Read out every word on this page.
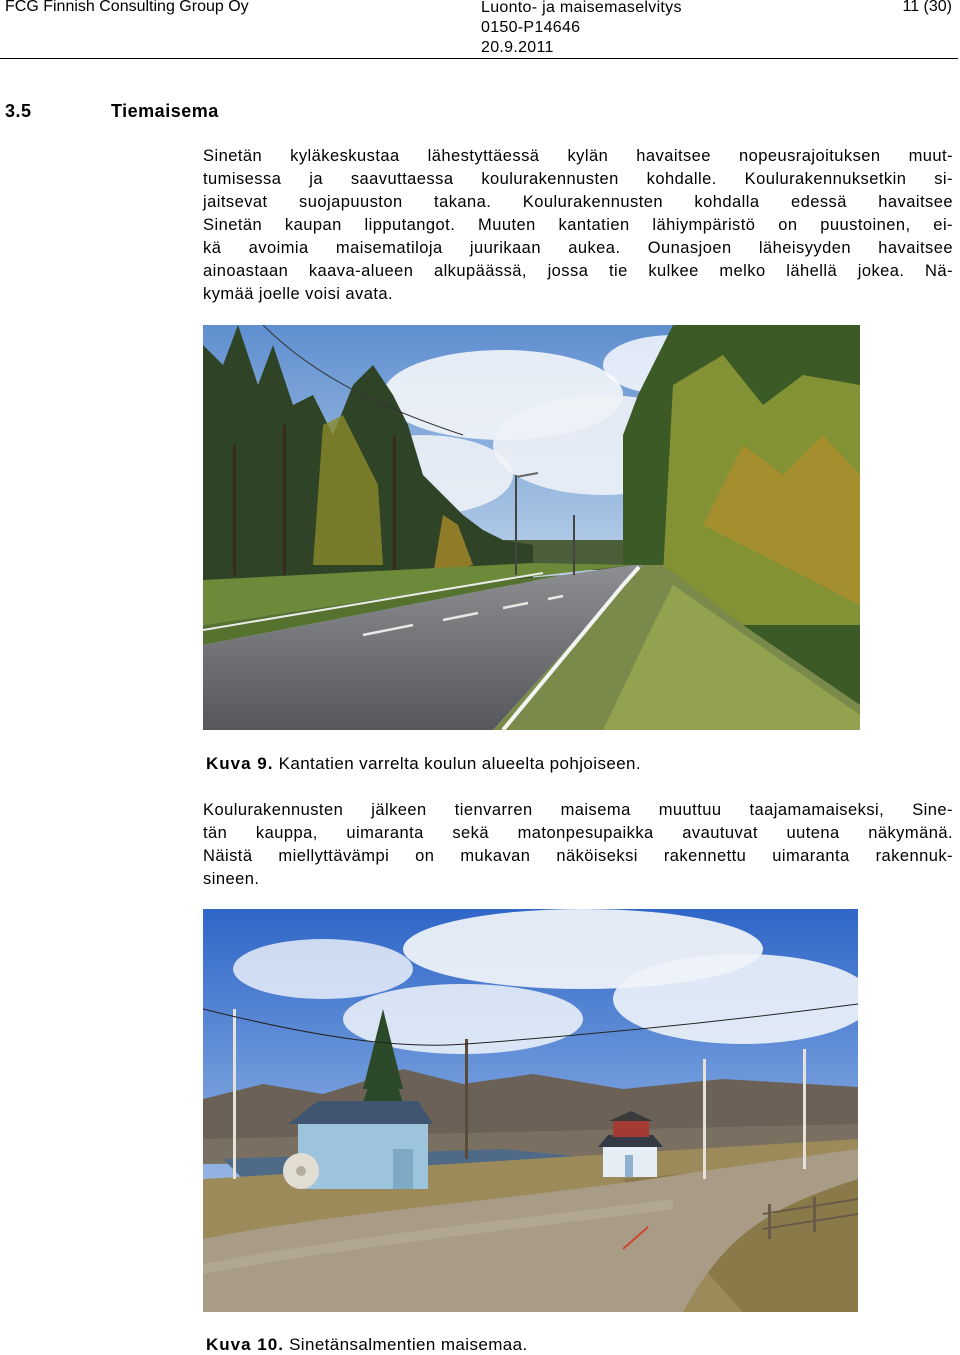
FCG Finnish Consulting Group Oy	Luonto- ja maisemaselvitys
0150-P14646
20.9.2011
11 (30)
3.5	Tiemaisema
Sinetän kyläkeskustaa lähestyttäessä kylän havaitsee nopeusrajoituksen muut-
tumisessa ja saavuttaessa koulurakennusten kohdalle. Koulurakennuksetkin si-
jaitsevat suojapuuston takana. Koulurakennusten kohdalla edessä havaitsee
Sinetän kaupan lipputangot. Muuten kantatien lähiympäristö on puustoinen, ei-
kä avoimia maisematiloja juurikaan aukea. Ounasjoen läheisyyden havaitsee
ainoastaan kaava-alueen alkupäässä, jossa tie kulkee melko lähellä jokea. Nä-
kymää joelle voisi avata.
Kuva 9. Kantatien varrelta koulun alueelta pohjoiseen.
Koulurakennusten jälkeen tienvarren maisema muuttuu taajamamaiseksi, Sine-
tän kauppa, uimaranta sekä matonpesupaikka avautuvat uutena näkymänä.
Näistä miellyttävämpi on mukavan näköiseksi rakennettu uimaranta rakennuk-
sineen.
Kuva 10. Sinetänsalmentien maisemaa.
